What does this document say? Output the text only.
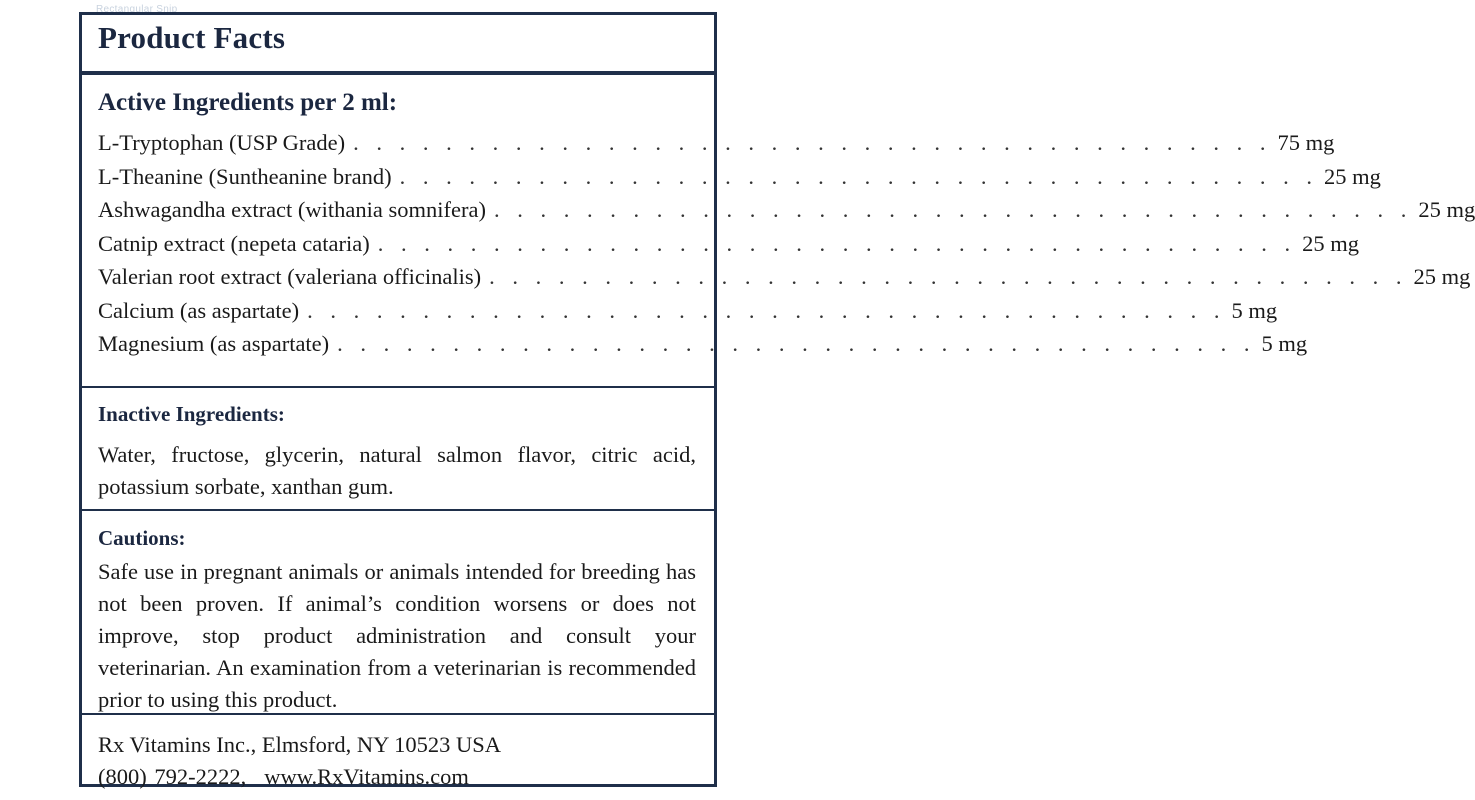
Rectangular Snip
Product Facts
Active Ingredients per 2 ml:
L-Tryptophan (USP Grade) . . . . . . . . . . . . . . . . . . . . . . . . . . . . . . . . . . . . . . . . 75 mg
L-Theanine (Suntheanine brand) . . . . . . . . . . . . . . . . . . . . . . . . . . . . . . . . . . . . . . . . 25 mg
Ashwagandha extract (withania somnifera) . . . . . . . . . . . . . . . . . . . . . . . . . . . . . . . . . . . . . . . . 25 mg
Catnip extract (nepeta cataria) . . . . . . . . . . . . . . . . . . . . . . . . . . . . . . . . . . . . . . . . 25 mg
Valerian root extract (valeriana officinalis) . . . . . . . . . . . . . . . . . . . . . . . . . . . . . . . . . . . . . . . . 25 mg
Calcium (as aspartate) . . . . . . . . . . . . . . . . . . . . . . . . . . . . . . . . . . . . . . . . 5 mg
Magnesium (as aspartate) . . . . . . . . . . . . . . . . . . . . . . . . . . . . . . . . . . . . . . . . 5 mg
Inactive Ingredients:
Water, fructose, glycerin, natural salmon flavor, citric acid, potassium sorbate, xanthan gum.
Cautions:
Safe use in pregnant animals or animals intended for breeding has not been proven. If animal’s condition worsens or does not improve, stop product administration and consult your veterinarian. An examination from a veterinarian is recommended prior to using this product.
Rx Vitamins Inc., Elmsford, NY 10523 USA
(800) 792-2222, www.RxVitamins.com
